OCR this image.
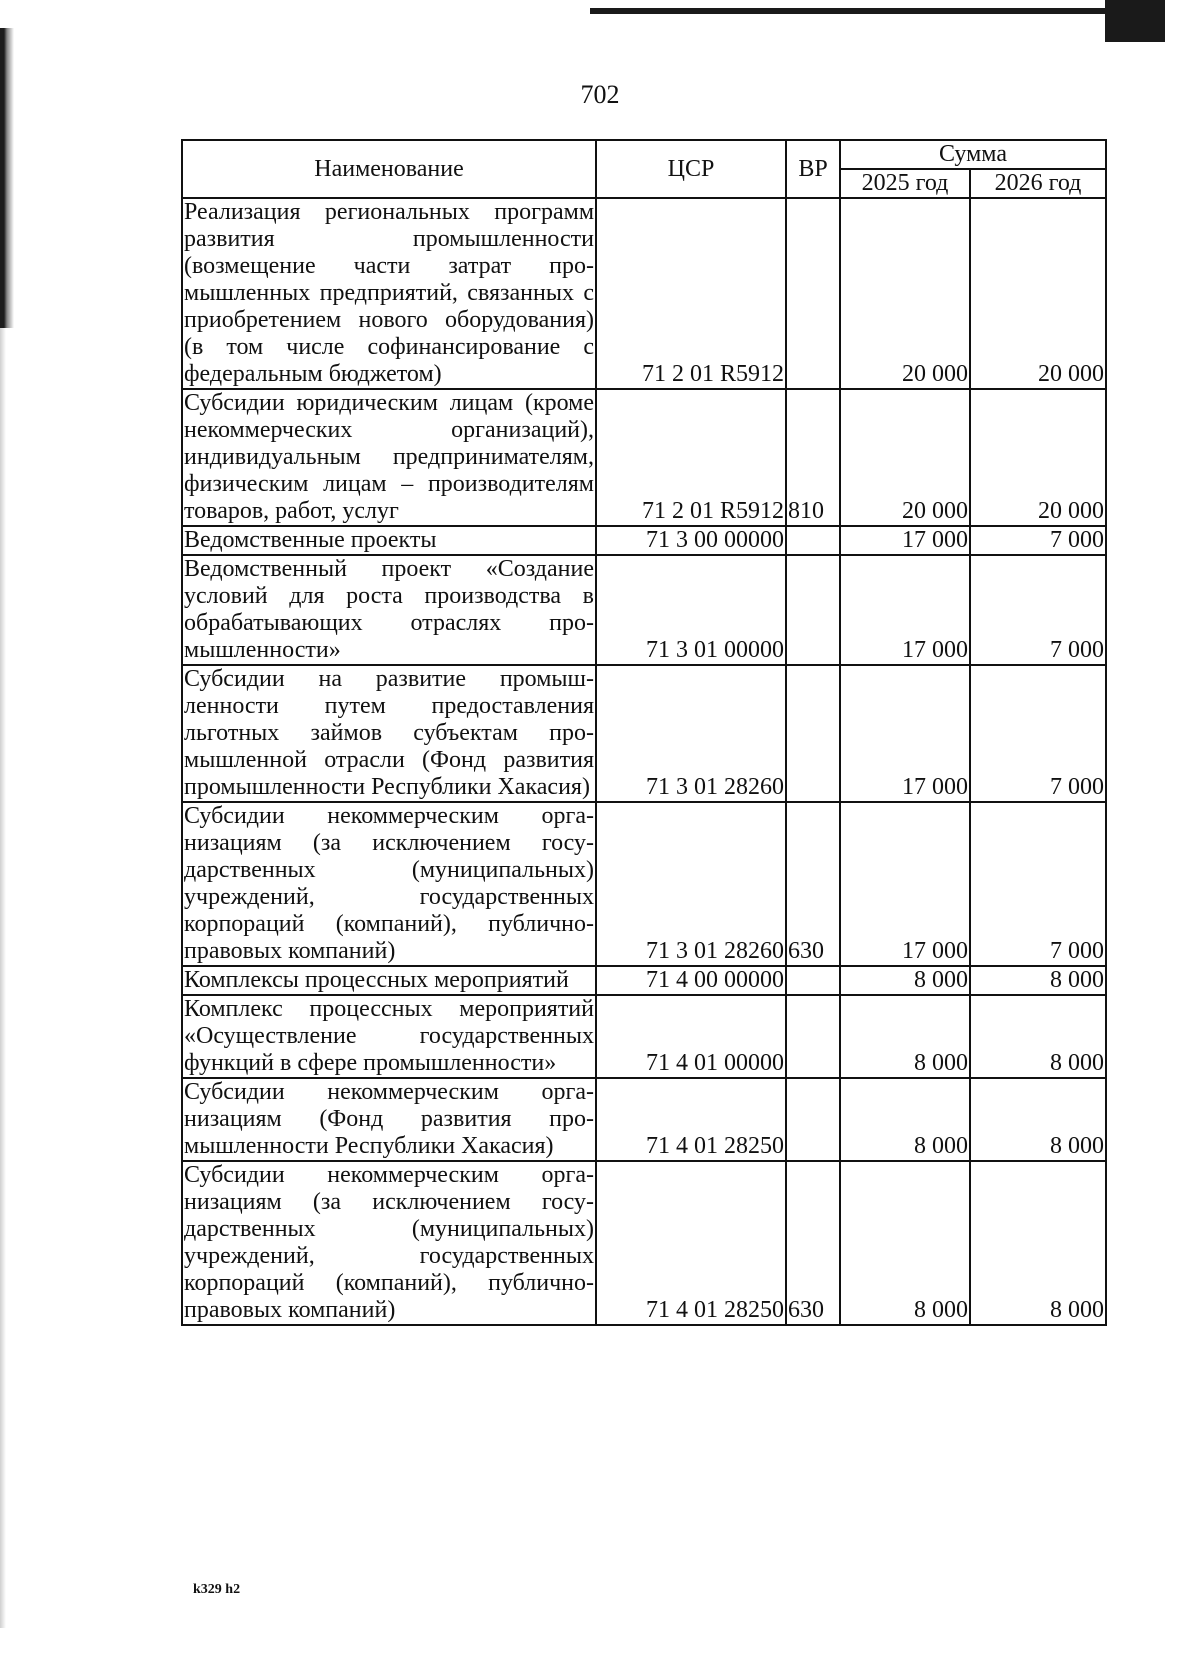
702
Наименование	ЦСР	ВР	Сумма	
			2025 год	2026 год
Реализация региональных программ развития промышленности (возмещение части затрат промышленных предприятий, связанных с приобретением нового оборудования) (в том числе софинансирование с федеральным бюджетом)	71 2 01 R5912		20 000	20 000
Субсидии юридическим лицам (кроме некоммерческих организаций), индивидуальным предпринимателям, физическим лицам – производителям товаров, работ, услуг	71 2 01 R5912	810	20 000	20 000
Ведомственные проекты	71 3 00 00000		17 000	7 000
Ведомственный проект «Создание условий для роста производства в обрабатывающих отраслях промышленности»	71 3 01 00000		17 000	7 000
Субсидии на развитие промышленности путем предоставления льготных займов субъектам промышленной отрасли (Фонд развития промышленности Республики Хакасия)	71 3 01 28260		17 000	7 000
Субсидии некоммерческим организациям (за исключением государственных (муниципальных) учреждений, государственных корпораций (компаний), публично-правовых компаний)	71 3 01 28260	630	17 000	7 000
Комплексы процессных мероприятий	71 4 00 00000		8 000	8 000
Комплекс процессных мероприятий «Осуществление государственных функций в сфере промышленности»	71 4 01 00000		8 000	8 000
Субсидии некоммерческим организациям (Фонд развития промышленности Республики Хакасия)	71 4 01 28250		8 000	8 000
Субсидии некоммерческим организациям (за исключением государственных (муниципальных) учреждений, государственных корпораций (компаний), публично-правовых компаний)	71 4 01 28250	630	8 000	8 000
k329 h2
